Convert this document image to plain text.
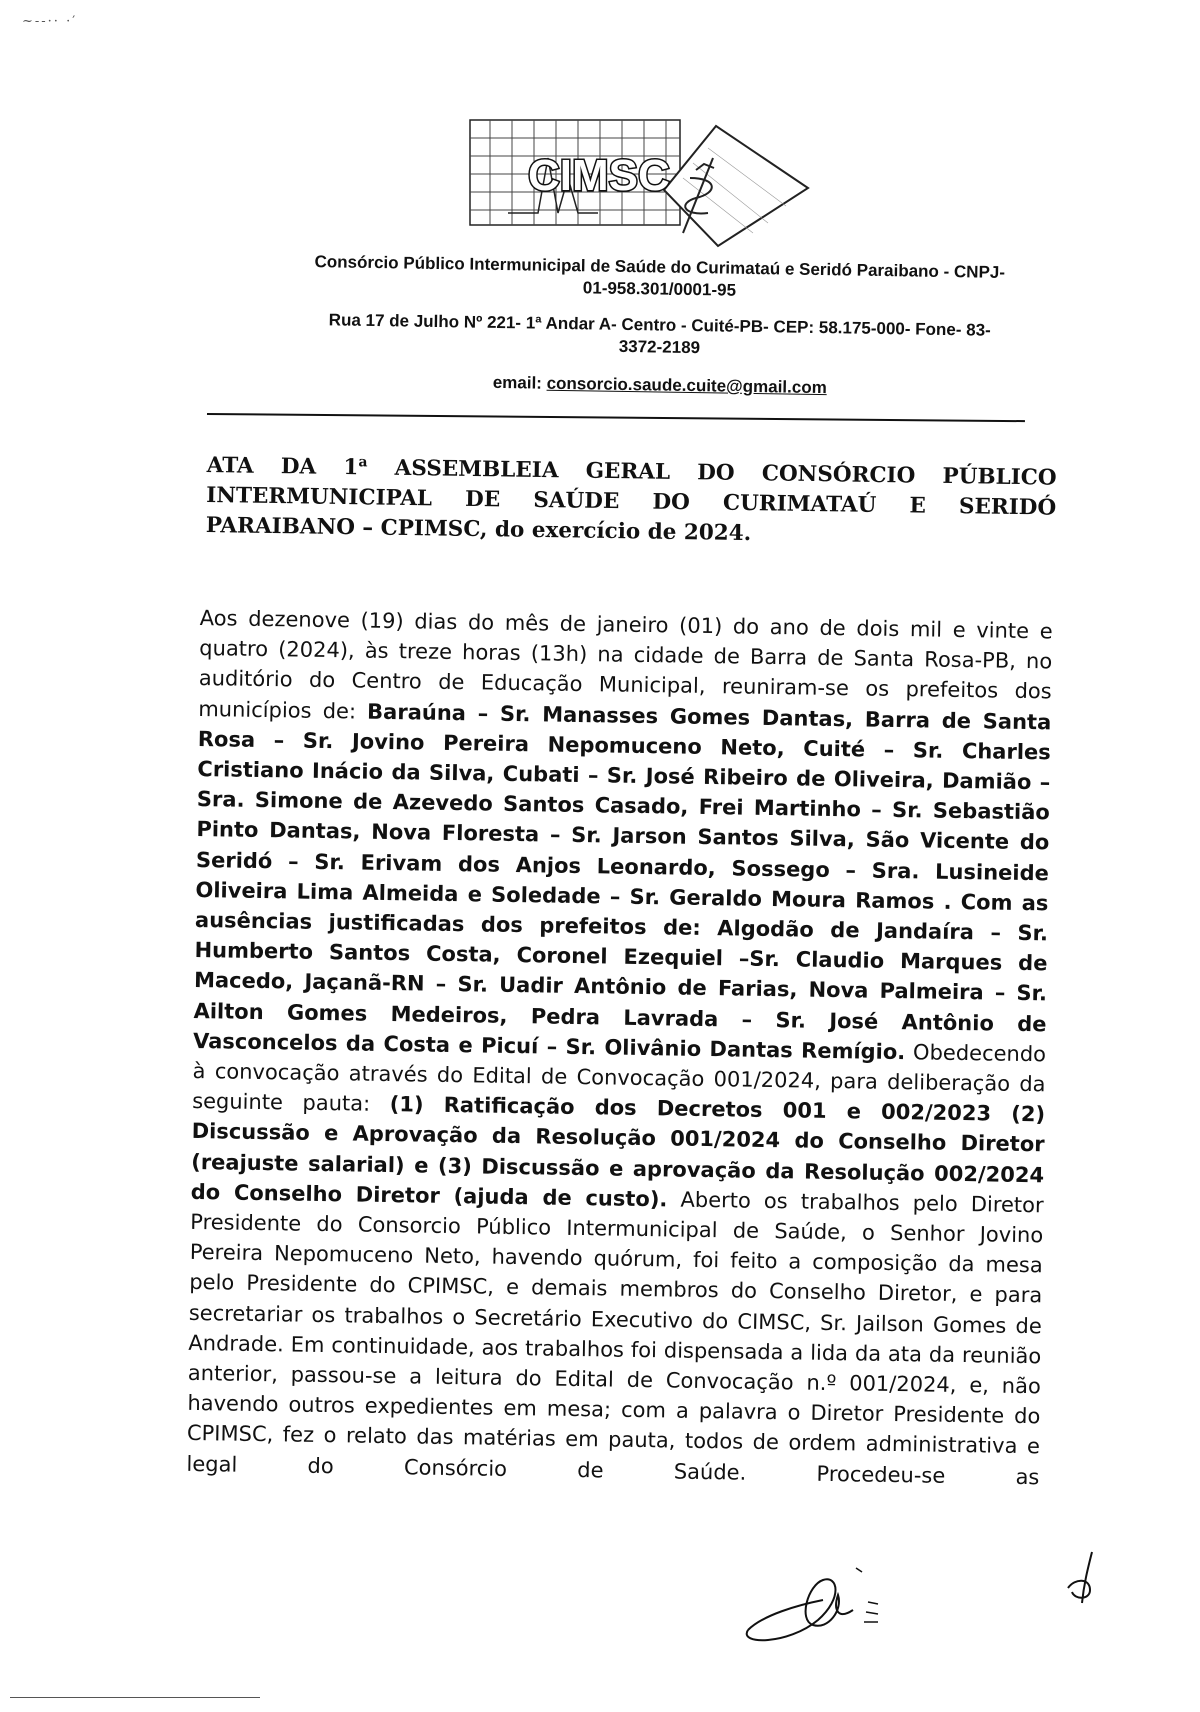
~--·· ·′
CIMSC
Consórcio Público Intermunicipal de Saúde do Curimataú e Seridó Paraibano - CNPJ-
01-958.301/0001-95
Rua 17 de Julho Nº 221- 1ª Andar A- Centro - Cuité-PB- CEP: 58.175-000- Fone- 83-
3372-2189
email: consorcio.saude.cuite@gmail.com
ATA DA 1$^a$ ASSEMBLEIA GERAL DO CONSÓRCIO PÚBLICO INTERMUNICIPAL DE SAÚDE DO CURIMATAÚ E SERIDÓ PARAIBANO – CPIMSC, do exercício de 2024.
Aos dezenove (19) dias do mês de janeiro (01) do ano de dois mil e vinte e quatro (2024), às treze horas (13h) na cidade de Barra de Santa Rosa-PB, no auditório do Centro de Educação Municipal, reuniram-se os prefeitos dos municípios de: Baraúna – Sr. Manasses Gomes Dantas, Barra de Santa Rosa – Sr. Jovino Pereira Nepomuceno Neto, Cuité – Sr. Charles Cristiano Inácio da Silva, Cubati – Sr. José Ribeiro de Oliveira, Damião – Sra. Simone de Azevedo Santos Casado, Frei Martinho – Sr. Sebastião Pinto Dantas, Nova Floresta – Sr. Jarson Santos Silva, São Vicente do Seridó – Sr. Erivam dos Anjos Leonardo, Sossego – Sra. Lusineide Oliveira Lima Almeida e Soledade – Sr. Geraldo Moura Ramos . Com as ausências justificadas dos prefeitos de: Algodão de Jandaíra – Sr. Humberto Santos Costa, Coronel Ezequiel –Sr. Claudio Marques de Macedo, Jaçanã-RN – Sr. Uadir Antônio de Farias, Nova Palmeira – Sr. Ailton Gomes Medeiros, Pedra Lavrada – Sr. José Antônio de Vasconcelos da Costa e Picuí – Sr. Olivânio Dantas Remígio. Obedecendo à convocação através do Edital de Convocação 001/2024, para deliberação da seguinte pauta: (1) Ratificação dos Decretos 001 e 002/2023 (2) Discussão e Aprovação da Resolução 001/2024 do Conselho Diretor (reajuste salarial) e (3) Discussão e aprovação da Resolução 002/2024 do Conselho Diretor (ajuda de custo). Aberto os trabalhos pelo Diretor Presidente do Consorcio Público Intermunicipal de Saúde, o Senhor Jovino Pereira Nepomuceno Neto, havendo quórum, foi feito a composição da mesa pelo Presidente do CPIMSC, e demais membros do Conselho Diretor, e para secretariar os trabalhos o Secretário Executivo do CIMSC, Sr. Jailson Gomes de Andrade. Em continuidade, aos trabalhos foi dispensada a lida da ata da reunião anterior, passou-se a leitura do Edital de Convocação n.º 001/2024, e, não havendo outros expedientes em mesa; com a palavra o Diretor Presidente do CPIMSC, fez o relato das matérias em pauta, todos de ordem administrativa e legal do Consórcio de Saúde. Procedeu-se as
